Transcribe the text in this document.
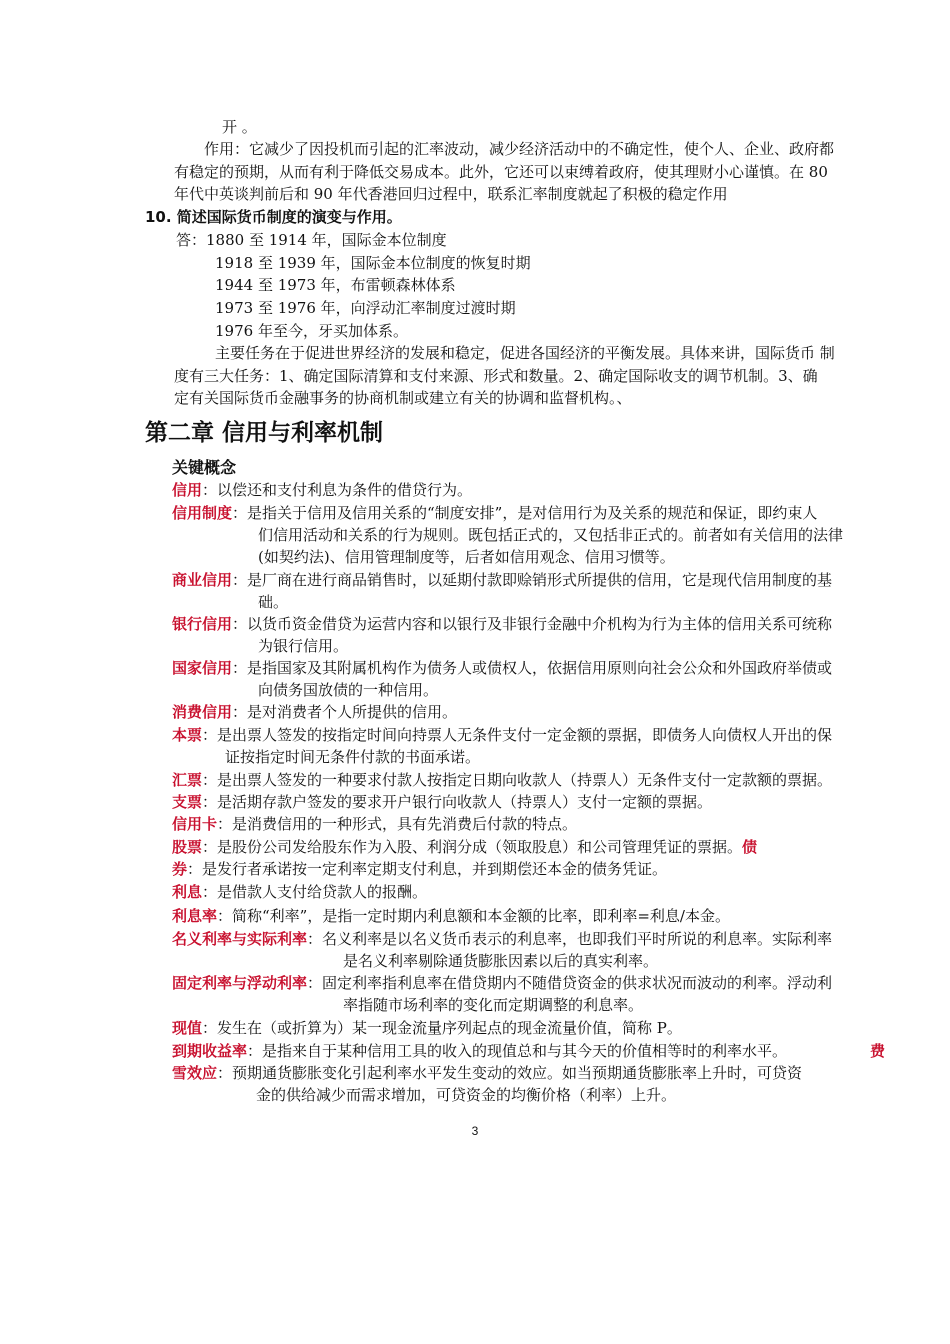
开 。
作用：它减少了因投机而引起的汇率波动，减少经济活动中的不确定性，使个人、企业、政府都
有稳定的预期，从而有利于降低交易成本。此外，它还可以束缚着政府，使其理财小心谨慎。在 80
年代中英谈判前后和 90 年代香港回归过程中，联系汇率制度就起了积极的稳定作用
10. 简述国际货币制度的演变与作用。
答：1880 至 1914 年，国际金本位制度
1918 至 1939 年，国际金本位制度的恢复时期
1944 至 1973 年，布雷顿森林体系
1973 至 1976 年，向浮动汇率制度过渡时期
1976 年至今，牙买加体系。
主要任务在于促进世界经济的发展和稳定，促进各国经济的平衡发展。具体来讲，国际货币 制
度有三大任务：1、确定国际清算和支付来源、形式和数量。2、确定国际收支的调节机制。3、确
定有关国际货币金融事务的协商机制或建立有关的协调和监督机构。、
第二章 信用与利率机制
关键概念
信用：以偿还和支付利息为条件的借贷行为。
信用制度：是指关于信用及信用关系的“制度安排”，是对信用行为及关系的规范和保证，即约束人
们信用活动和关系的行为规则。既包括正式的，又包括非正式的。前者如有关信用的法律
(如契约法)、信用管理制度等，后者如信用观念、信用习惯等。
商业信用：是厂商在进行商品销售时，以延期付款即赊销形式所提供的信用，它是现代信用制度的基
础。
银行信用：以货币资金借贷为运营内容和以银行及非银行金融中介机构为行为主体的信用关系可统称
为银行信用。
国家信用：是指国家及其附属机构作为债务人或债权人，依据信用原则向社会公众和外国政府举债或
向债务国放债的一种信用。
消费信用：是对消费者个人所提供的信用。
本票：是出票人签发的按指定时间向持票人无条件支付一定金额的票据，即债务人向债权人开出的保
证按指定时间无条件付款的书面承诺。
汇票：是出票人签发的一种要求付款人按指定日期向收款人（持票人）无条件支付一定款额的票据。
支票：是活期存款户签发的要求开户银行向收款人（持票人）支付一定额的票据。
信用卡：是消费信用的一种形式，具有先消费后付款的特点。
股票：是股份公司发给股东作为入股、利润分成（领取股息）和公司管理凭证的票据。债
券：是发行者承诺按一定利率定期支付利息，并到期偿还本金的债务凭证。
利息：是借款人支付给贷款人的报酬。
利息率：简称“利率”，是指一定时期内利息额和本金额的比率，即利率=利息/本金。
名义利率与实际利率：名义利率是以名义货币表示的利息率，也即我们平时所说的利息率。实际利率
是名义利率剔除通货膨胀因素以后的真实利率。
固定利率与浮动利率：固定利率指利息率在借贷期内不随借贷资金的供求状况而波动的利率。浮动利
率指随市场利率的变化而定期调整的利息率。
现值：发生在（或折算为）某一现金流量序列起点的现金流量价值，简称 P。
到期收益率：是指来自于某种信用工具的收入的现值总和与其今天的价值相等时的利率水平。	费
雪效应：预期通货膨胀变化引起利率水平发生变动的效应。如当预期通货膨胀率上升时，可贷资
金的供给减少而需求增加，可贷资金的均衡价格（利率）上升。
3
